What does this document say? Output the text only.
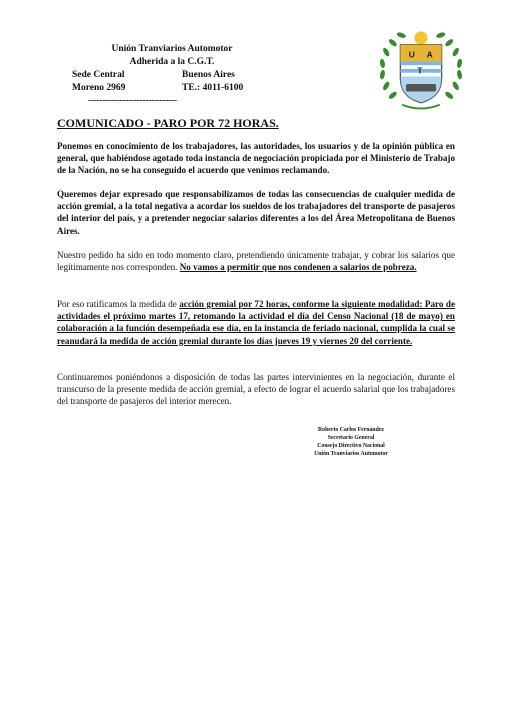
Unión Tranviarios Automotor
Adherida a la C.G.T.
Sede Central	Buenos Aires
Moreno 2969	TE.: 4011-6100
-------------------------------
U
T
A
COMUNICADO - PARO POR 72 HORAS.
Ponemos en conocimiento de los trabajadores, las autoridades, los usuarios y de la opinión pública en general, que habiéndose agotado toda instancia de negociación propiciada por el Ministerio de Trabajo de la Nación, no se ha conseguido el acuerdo que venimos reclamando.
Queremos dejar expresado que responsabilizamos de todas las consecuencias de cualquier medida de acción gremial, a la total negativa a acordar los sueldos de los trabajadores del transporte de pasajeros del interior del país, y a pretender negociar salarios diferentes a los del Área Metropolitana de Buenos Aires.
Nuestro pedido ha sido en todo momento claro, pretendiendo únicamente trabajar, y cobrar los salarios que legítimamente nos corresponden. No vamos a permitir que nos condenen a salarios de pobreza.
Por eso ratificamos la medida de acción gremial por 72 horas, conforme la siguiente modalidad: Paro de actividades el próximo martes 17, retomando la actividad el día del Censo Nacional (18 de mayo) en colaboración a la función desempeñada ese día, en la instancia de feriado nacional, cumplida la cual se reanudará la medida de acción gremial durante los días jueves 19 y viernes 20 del corriente.
Continuaremos poniéndonos a disposición de todas las partes intervinientes en la negociación, durante el transcurso de la presente medida de acción gremial, a efecto de lograr el acuerdo salarial que los trabajadores del transporte de pasajeros del interior merecen.
Roberto Carlos Fernández
Secretario General
Consejo Directivo Nacional
Unión Tranviarios Automotor
